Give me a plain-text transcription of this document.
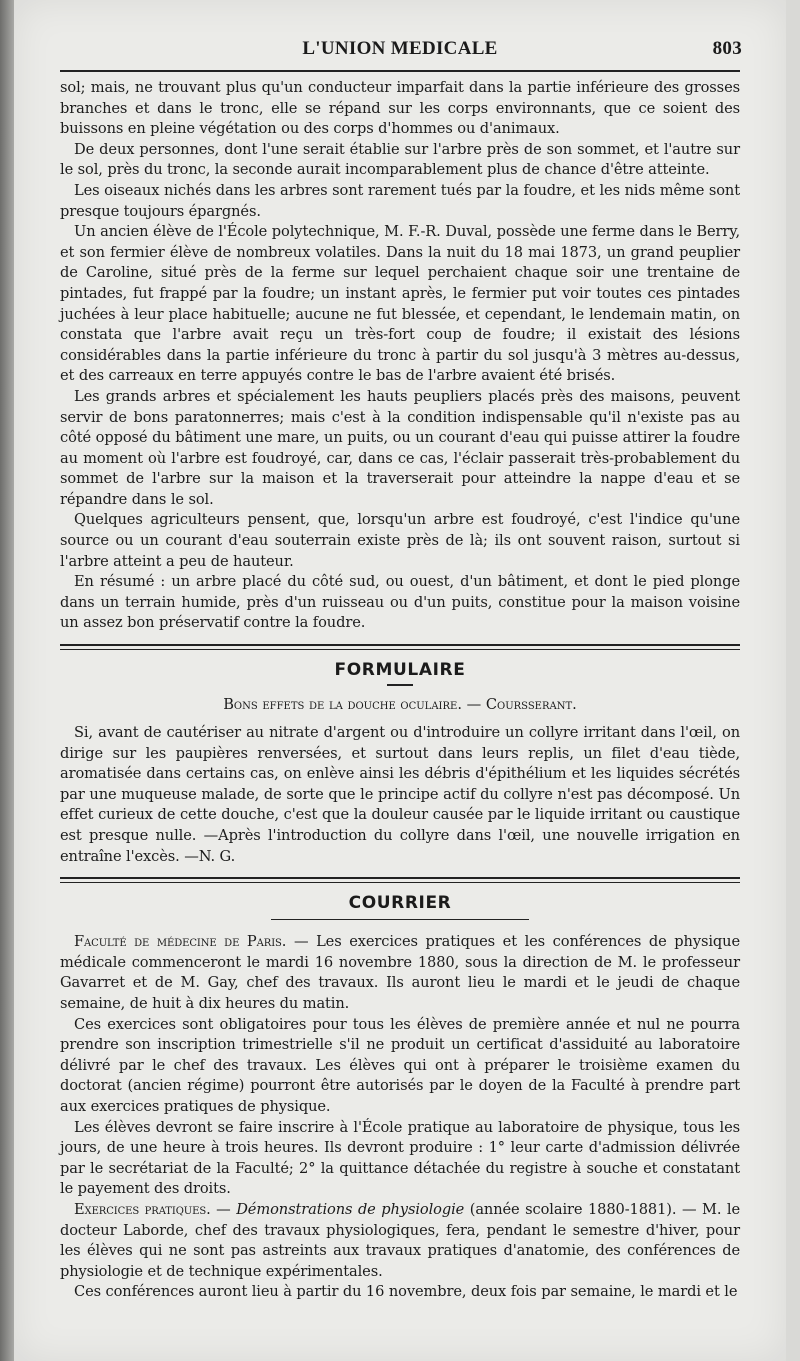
L'UNION MEDICALE	803

sol; mais, ne trouvant plus qu'un conducteur imparfait dans la partie inférieure des grosses branches et dans le tronc, elle se répand sur les corps environnants, que ce soient des buissons en pleine végétation ou des corps d'hommes ou d'animaux.

De deux personnes, dont l'une serait établie sur l'arbre près de son sommet, et l'autre sur le sol, près du tronc, la seconde aurait incomparablement plus de chance d'être atteinte.

Les oiseaux nichés dans les arbres sont rarement tués par la foudre, et les nids même sont presque toujours épargnés.

Un ancien élève de l'École polytechnique, M. F.-R. Duval, possède une ferme dans le Berry, et son fermier élève de nombreux volatiles. Dans la nuit du 18 mai 1873, un grand peuplier de Caroline, situé près de la ferme sur lequel perchaient chaque soir une trentaine de pintades, fut frappé par la foudre; un instant après, le fermier put voir toutes ces pintades juchées à leur place habituelle; aucune ne fut blessée, et cependant, le lendemain matin, on constata que l'arbre avait reçu un très-fort coup de foudre; il existait des lésions considérables dans la partie inférieure du tronc à partir du sol jusqu'à 3 mètres au-dessus, et des carreaux en terre appuyés contre le bas de l'arbre avaient été brisés.

Les grands arbres et spécialement les hauts peupliers placés près des maisons, peuvent servir de bons paratonnerres; mais c'est à la condition indispensable qu'il n'existe pas au côté opposé du bâtiment une mare, un puits, ou un courant d'eau qui puisse attirer la foudre au moment où l'arbre est foudroyé, car, dans ce cas, l'éclair passerait très-probablement du sommet de l'arbre sur la maison et la traverserait pour atteindre la nappe d'eau et se répandre dans le sol.

Quelques agriculteurs pensent, que, lorsqu'un arbre est foudroyé, c'est l'indice qu'une source ou un courant d'eau souterrain existe près de là; ils ont souvent raison, surtout si l'arbre atteint a peu de hauteur.

En résumé : un arbre placé du côté sud, ou ouest, d'un bâtiment, et dont le pied plonge dans un terrain humide, près d'un ruisseau ou d'un puits, constitue pour la maison voisine un assez bon préservatif contre la foudre.

FORMULAIRE
Bons effets de la douche oculaire. — Coursserant.

Si, avant de cautériser au nitrate d'argent ou d'introduire un collyre irritant dans l'œil, on dirige sur les paupières renversées, et surtout dans leurs replis, un filet d'eau tiède, aromatisée dans certains cas, on enlève ainsi les débris d'épithélium et les liquides sécrétés par une muqueuse malade, de sorte que le principe actif du collyre n'est pas décomposé. Un effet curieux de cette douche, c'est que la douleur causée par le liquide irritant ou caustique est presque nulle. —Après l'introduction du collyre dans l'œil, une nouvelle irrigation en entraîne l'excès. —N. G.

COURRIER

Faculté de médecine de Paris. — Les exercices pratiques et les conférences de physique médicale commenceront le mardi 16 novembre 1880, sous la direction de M. le professeur Gavarret et de M. Gay, chef des travaux. Ils auront lieu le mardi et le jeudi de chaque semaine, de huit à dix heures du matin.

Ces exercices sont obligatoires pour tous les élèves de première année et nul ne pourra prendre son inscription trimestrielle s'il ne produit un certificat d'assiduité au laboratoire délivré par le chef des travaux. Les élèves qui ont à préparer le troisième examen du doctorat (ancien régime) pourront être autorisés par le doyen de la Faculté à prendre part aux exercices pratiques de physique.

Les élèves devront se faire inscrire à l'École pratique au laboratoire de physique, tous les jours, de une heure à trois heures. Ils devront produire : 1° leur carte d'admission délivrée par le secrétariat de la Faculté; 2° la quittance détachée du registre à souche et constatant le payement des droits.

Exercices pratiques. — Démonstrations de physiologie (année scolaire 1880-1881). — M. le docteur Laborde, chef des travaux physiologiques, fera, pendant le semestre d'hiver, pour les élèves qui ne sont pas astreints aux travaux pratiques d'anatomie, des conférences de physiologie et de technique expérimentales.

Ces conférences auront lieu à partir du 16 novembre, deux fois par semaine, le mardi et le
